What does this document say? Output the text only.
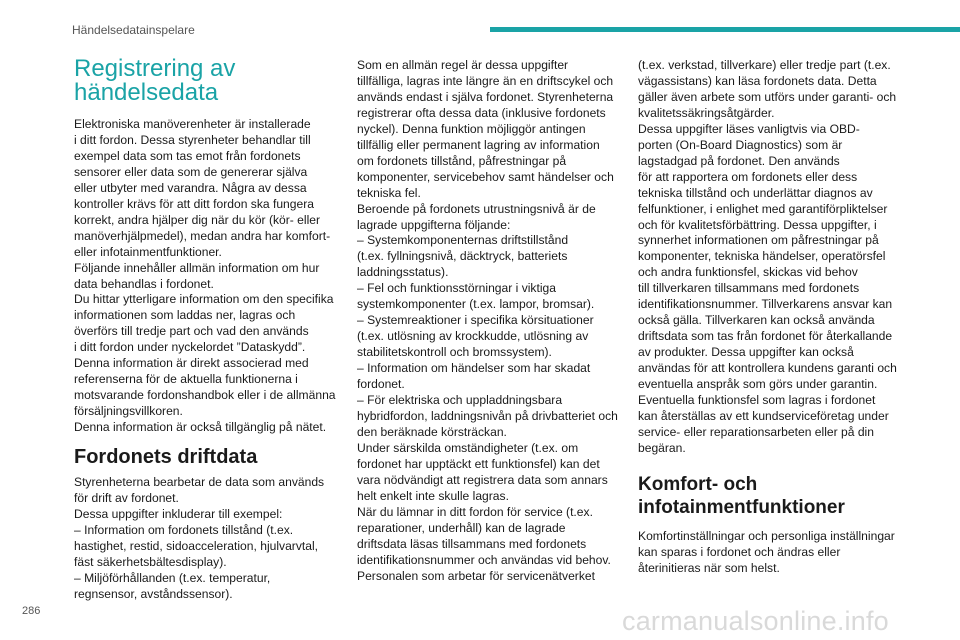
Händelsedatainspelare
Registrering av
händelsedata

Elektroniska manöverenheter är installerade
i ditt fordon. Dessa styrenheter behandlar till
exempel data som tas emot från fordonets
sensorer eller data som de genererar själva
eller utbyter med varandra. Några av dessa
kontroller krävs för att ditt fordon ska fungera
korrekt, andra hjälper dig när du kör (kör- eller
manöverhjälpmedel), medan andra har komfort-
eller infotainmentfunktioner.
Följande innehåller allmän information om hur
data behandlas i fordonet.
Du hittar ytterligare information om den specifika
informationen som laddas ner, lagras och
överförs till tredje part och vad den används
i ditt fordon under nyckelordet ”Dataskydd”.
Denna information är direkt associerad med
referenserna för de aktuella funktionerna i
motsvarande fordonshandbok eller i de allmänna
försäljningsvillkoren.
Denna information är också tillgänglig på nätet.

Fordonets driftdata

Styrenheterna bearbetar de data som används
för drift av fordonet.
Dessa uppgifter inkluderar till exempel:
– Information om fordonets tillstånd (t.ex.
hastighet, restid, sidoacceleration, hjulvarvtal,
fäst säkerhetsbältesdisplay).
– Miljöförhållanden (t.ex. temperatur,
regnsensor, avståndssensor).

Som en allmän regel är dessa uppgifter
tillfälliga, lagras inte längre än en driftscykel och
används endast i själva fordonet. Styrenheterna
registrerar ofta dessa data (inklusive fordonets
nyckel). Denna funktion möjliggör antingen
tillfällig eller permanent lagring av information
om fordonets tillstånd, påfrestningar på
komponenter, servicebehov samt händelser och
tekniska fel.
Beroende på fordonets utrustningsnivå är de
lagrade uppgifterna följande:
– Systemkomponenternas driftstillstånd
(t.ex. fyllningsnivå, däcktryck, batteriets
laddningsstatus).
– Fel och funktionsstörningar i viktiga
systemkomponenter (t.ex. lampor, bromsar).
– Systemreaktioner i specifika körsituationer
(t.ex. utlösning av krockkudde, utlösning av
stabilitetskontroll och bromssystem).
– Information om händelser som har skadat
fordonet.
– För elektriska och uppladdningsbara
hybridfordon, laddningsnivån på drivbatteriet och
den beräknade körsträckan.
Under särskilda omständigheter (t.ex. om
fordonet har upptäckt ett funktionsfel) kan det
vara nödvändigt att registrera data som annars
helt enkelt inte skulle lagras.
När du lämnar in ditt fordon för service (t.ex.
reparationer, underhåll) kan de lagrade
driftsdata läsas tillsammans med fordonets
identifikationsnummer och användas vid behov.
Personalen som arbetar för servicenätverket

(t.ex. verkstad, tillverkare) eller tredje part (t.ex.
vägassistans) kan läsa fordonets data. Detta
gäller även arbete som utförs under garanti- och
kvalitetssäkringsåtgärder.
Dessa uppgifter läses vanligtvis via OBD-
porten (On-Board Diagnostics) som är
lagstadgad på fordonet. Den används
för att rapportera om fordonets eller dess
tekniska tillstånd och underlättar diagnos av
felfunktioner, i enlighet med garantiförpliktelser
och för kvalitetsförbättring. Dessa uppgifter, i
synnerhet informationen om påfrestningar på
komponenter, tekniska händelser, operatörsfel
och andra funktionsfel, skickas vid behov
till tillverkaren tillsammans med fordonets
identifikationsnummer. Tillverkarens ansvar kan
också gälla. Tillverkaren kan också använda
driftsdata som tas från fordonet för återkallande
av produkter. Dessa uppgifter kan också
användas för att kontrollera kundens garanti och
eventuella anspråk som görs under garantin.
Eventuella funktionsfel som lagras i fordonet
kan återställas av ett kundserviceföretag under
service- eller reparationsarbeten eller på din
begäran.

Komfort- och
infotainmentfunktioner

Komfortinställningar och personliga inställningar
kan sparas i fordonet och ändras eller
återinitieras när som helst.

286	carmanualsonline.info
